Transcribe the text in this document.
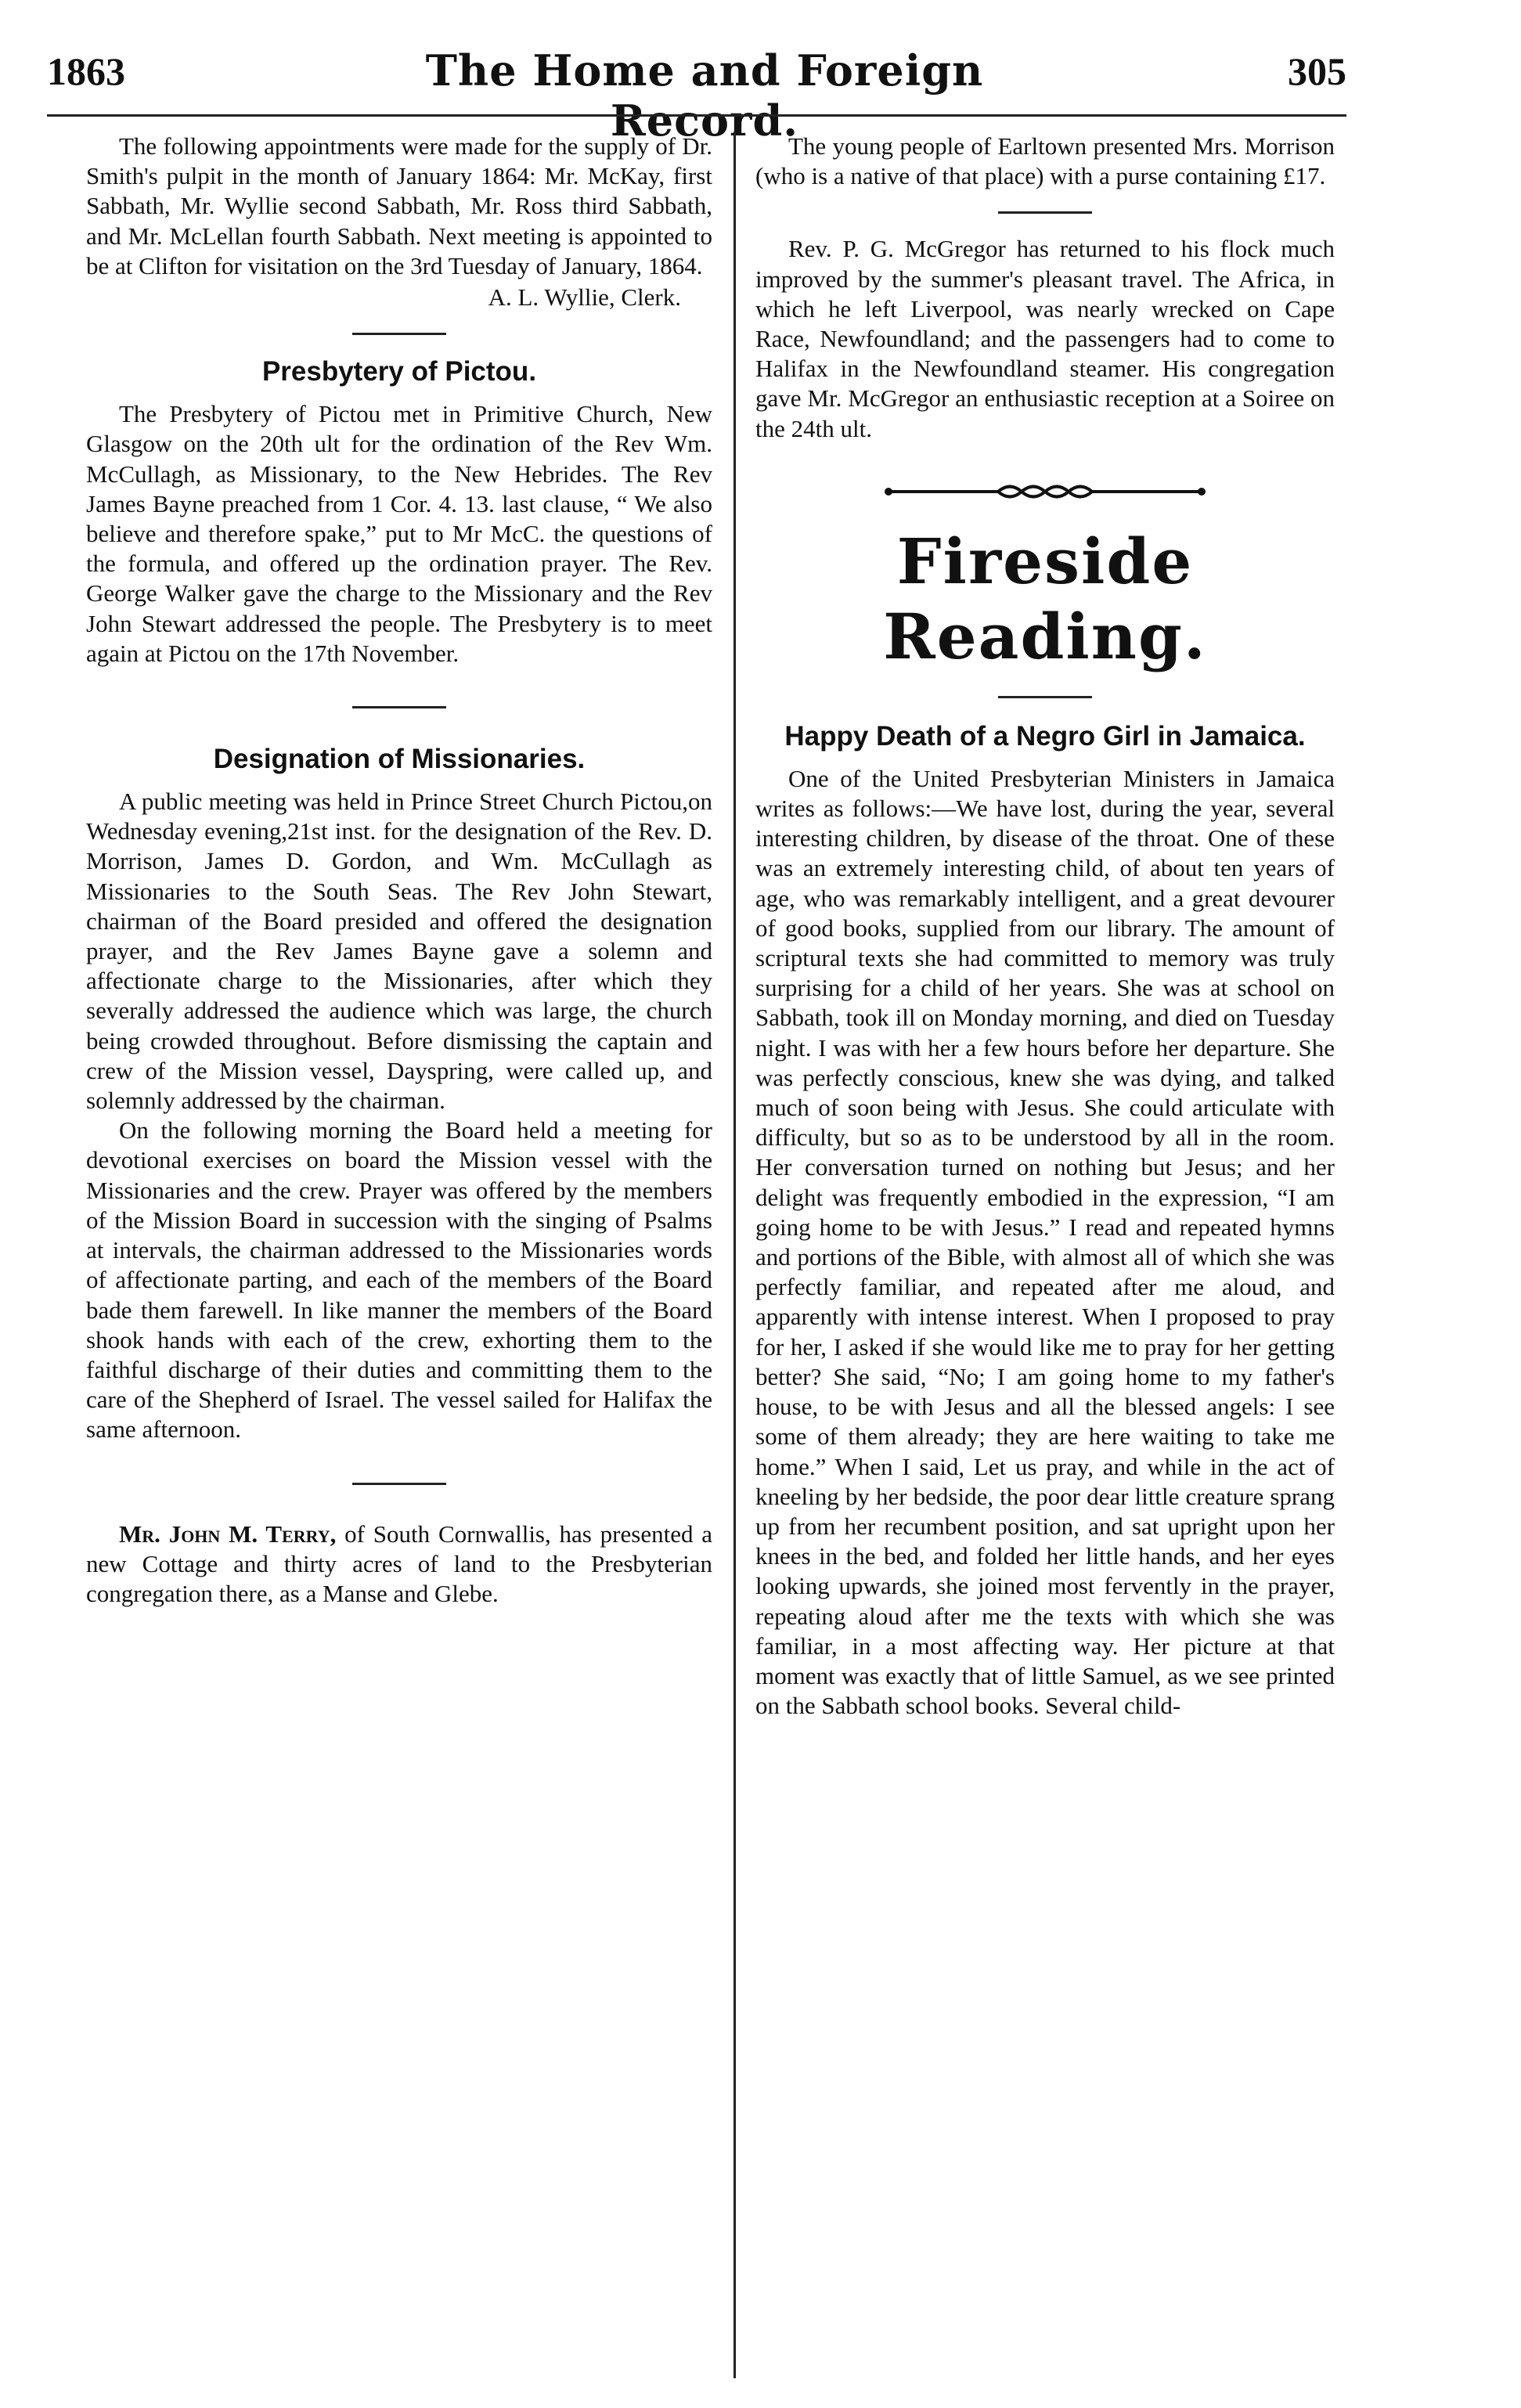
1863	The Home and Foreign Record.
305

The following appointments were made for the supply of Dr. Smith's pulpit in the month of January 1864: Mr. McKay, first Sabbath, Mr. Wyllie second Sabbath, Mr. Ross third Sabbath, and Mr. McLellan fourth Sabbath. Next meeting is appointed to be at Clifton for visitation on the 3rd Tuesday of January, 1864.

A. L. Wyllie, Clerk.

Presbytery of Pictou.

The Presbytery of Pictou met in Primitive Church, New Glasgow on the 20th ult for the ordination of the Rev Wm. McCullagh, as Missionary, to the New Hebrides. The Rev James Bayne preached from 1 Cor. 4. 13. last clause, “ We also believe and therefore spake,” put to Mr McC. the questions of the formula, and offered up the ordination prayer. The Rev. George Walker gave the charge to the Missionary and the Rev John Stewart addressed the people. The Presbytery is to meet again at Pictou on the 17th November.

Designation of Missionaries.

A public meeting was held in Prince Street Church Pictou,on Wednesday evening,21st inst. for the designation of the Rev. D. Morrison, James D. Gordon, and Wm. McCullagh as Missionaries to the South Seas. The Rev John Stewart, chairman of the Board presided and offered the designation prayer, and the Rev James Bayne gave a solemn and affectionate charge to the Missionaries, after which they severally addressed the audience which was large, the church being crowded throughout. Before dismissing the captain and crew of the Mission vessel, Dayspring, were called up, and solemnly addressed by the chairman.

On the following morning the Board held a meeting for devotional exercises on board the Mission vessel with the Missionaries and the crew. Prayer was offered by the members of the Mission Board in succession with the singing of Psalms at intervals, the chairman addressed to the Missionaries words of affectionate parting, and each of the members of the Board bade them farewell. In like manner the members of the Board shook hands with each of the crew, exhorting them to the faithful discharge of their duties and committing them to the care of the Shepherd of Israel. The vessel sailed for Halifax the same afternoon.

Mr. John M. Terry, of South Cornwallis, has presented a new Cottage and thirty acres of land to the Presbyterian congregation there, as a Manse and Glebe.

The young people of Earltown presented Mrs. Morrison (who is a native of that place) with a purse containing £17.

Rev. P. G. McGregor has returned to his flock much improved by the summer's pleasant travel. The Africa, in which he left Liverpool, was nearly wrecked on Cape Race, Newfoundland; and the passengers had to come to Halifax in the Newfoundland steamer. His congregation gave Mr. McGregor an enthusiastic reception at a Soiree on the 24th ult.

Fireside Reading.
Happy Death of a Negro Girl in Jamaica.

One of the United Presbyterian Ministers in Jamaica writes as follows:—We have lost, during the year, several interesting children, by disease of the throat. One of these was an extremely interesting child, of about ten years of age, who was remarkably intelligent, and a great devourer of good books, supplied from our library. The amount of scriptural texts she had committed to memory was truly surprising for a child of her years. She was at school on Sabbath, took ill on Monday morning, and died on Tuesday night. I was with her a few hours before her departure. She was perfectly conscious, knew she was dying, and talked much of soon being with Jesus. She could articulate with difficulty, but so as to be understood by all in the room. Her conversation turned on nothing but Jesus; and her delight was frequently embodied in the expression, “I am going home to be with Jesus.” I read and repeated hymns and portions of the Bible, with almost all of which she was perfectly familiar, and repeated after me aloud, and apparently with intense interest. When I proposed to pray for her, I asked if she would like me to pray for her getting better? She said, “No; I am going home to my father's house, to be with Jesus and all the blessed angels: I see some of them already; they are here waiting to take me home.” When I said, Let us pray, and while in the act of kneeling by her bedside, the poor dear little creature sprang up from her recumbent position, and sat upright upon her knees in the bed, and folded her little hands, and her eyes looking upwards, she joined most fervently in the prayer, repeating aloud after me the texts with which she was familiar, in a most affecting way. Her picture at that moment was exactly that of little Samuel, as we see printed on the Sabbath school books. Several child-
